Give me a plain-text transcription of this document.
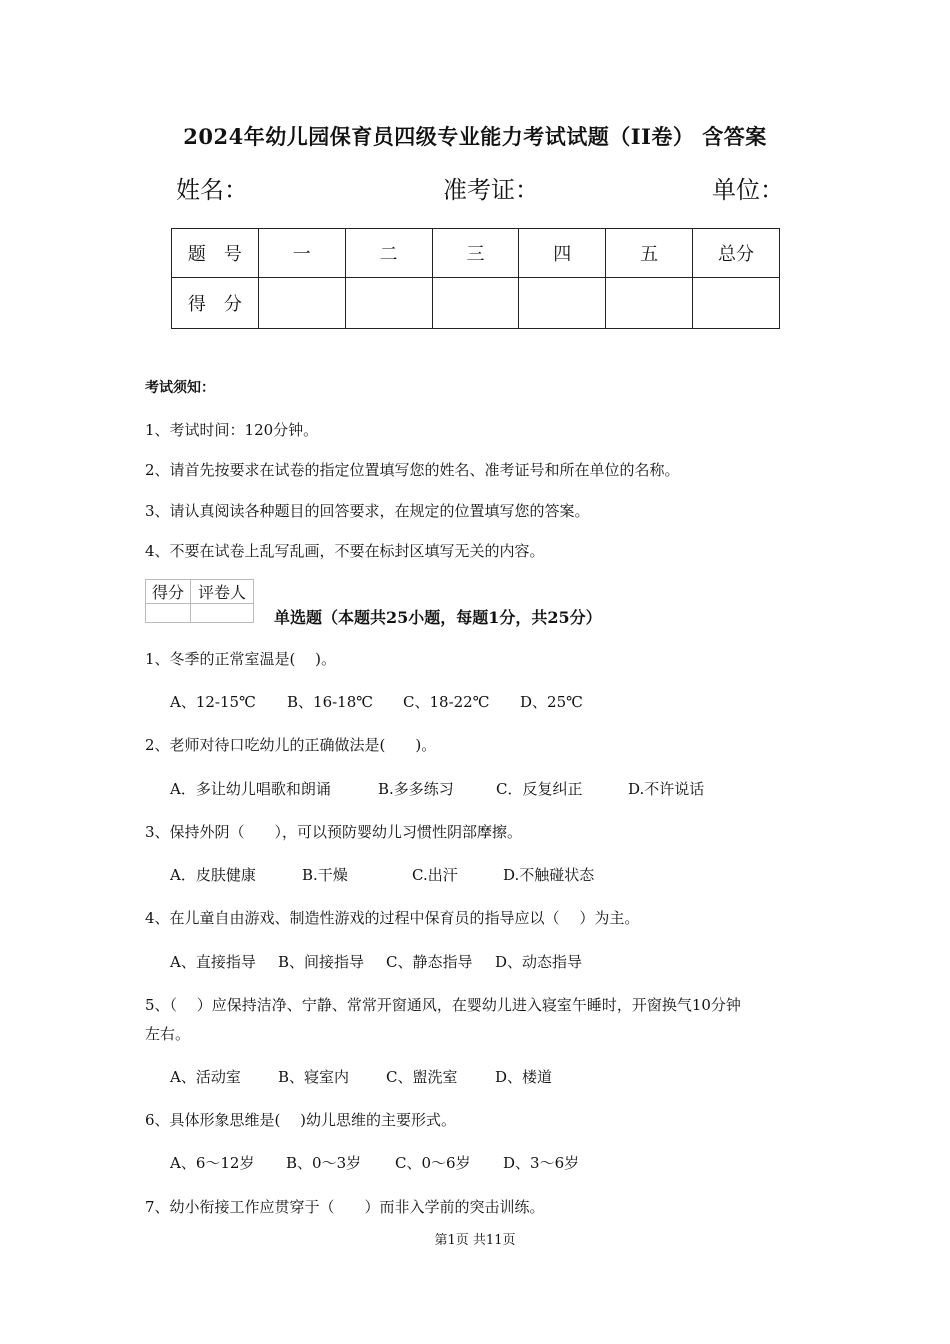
2024年幼儿园保育员四级专业能力考试试题（II卷） 含答案
姓名：	准考证：	单位：
题　号	一	二	三	四	五	总分
得　分						
考试须知：
1、考试时间：120分钟。
2、请首先按要求在试卷的指定位置填写您的姓名、准考证号和所在单位的名称。
3、请认真阅读各种题目的回答要求，在规定的位置填写您的答案。
4、不要在试卷上乱写乱画，不要在标封区填写无关的内容。
得分	评卷人

单选题（本题共25小题，每题1分，共25分）
1、冬季的正常室温是(　 )。
A、12-15℃ B、16-18℃ C、18-22℃ D、25℃
2、老师对待口吃幼儿的正确做法是(　　)。
A．多让幼儿唱歌和朗诵	B.多多练习	C．反复纠正	D.不许说话
3、保持外阴（　　），可以预防婴幼儿习惯性阴部摩擦。
A．皮肤健康	B.干燥	C.出汗	D.不触碰状态
4、在儿童自由游戏、制造性游戏的过程中保育员的指导应以（　 ）为主。
A、直接指导 B、间接指导 C、静态指导 D、动态指导
5、（　 ）应保持洁净、宁静、常常开窗通风，在婴幼儿进入寝室午睡时，开窗换气10分钟
左右。
A、活动室 B、寝室内 C、盥洗室	D、楼道
6、具体形象思维是(　 )幼儿思维的主要形式。
A、6～12岁 B、0～3岁 C、0～6岁 D、3～6岁
7、幼小衔接工作应贯穿于（　　）而非入学前的突击训练。
第1页 共11页
